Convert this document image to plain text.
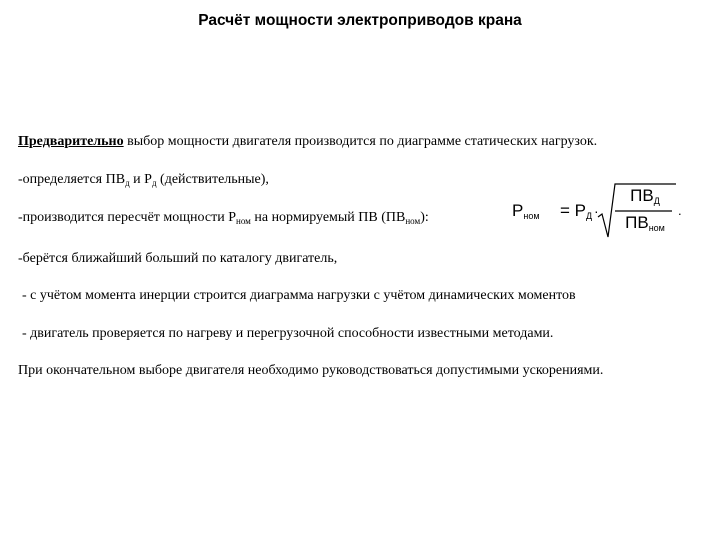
Расчёт мощности электроприводов крана
Предварительно выбор мощности двигателя производится по диаграмме статических нагрузок.
-определяется $ПВ_д$ и $Р_д$ (действительные),
-производится пересчёт мощности $Р_{ном}$ на нормируемый ПВ $(ПВ_{ном})$:
-берётся ближайший больший по каталогу двигатель,
- с учётом момента инерции строится диаграмма нагрузки с учётом динамических моментов
- двигатель проверяется по нагреву и перегрузочной способности известными методами.
При окончательном выборе двигателя необходимо руководствоваться допустимыми ускорениями.
$P_{ном} = P_Д$ ·
$ПВ_Д$
$ПВ_{ном}$
.
